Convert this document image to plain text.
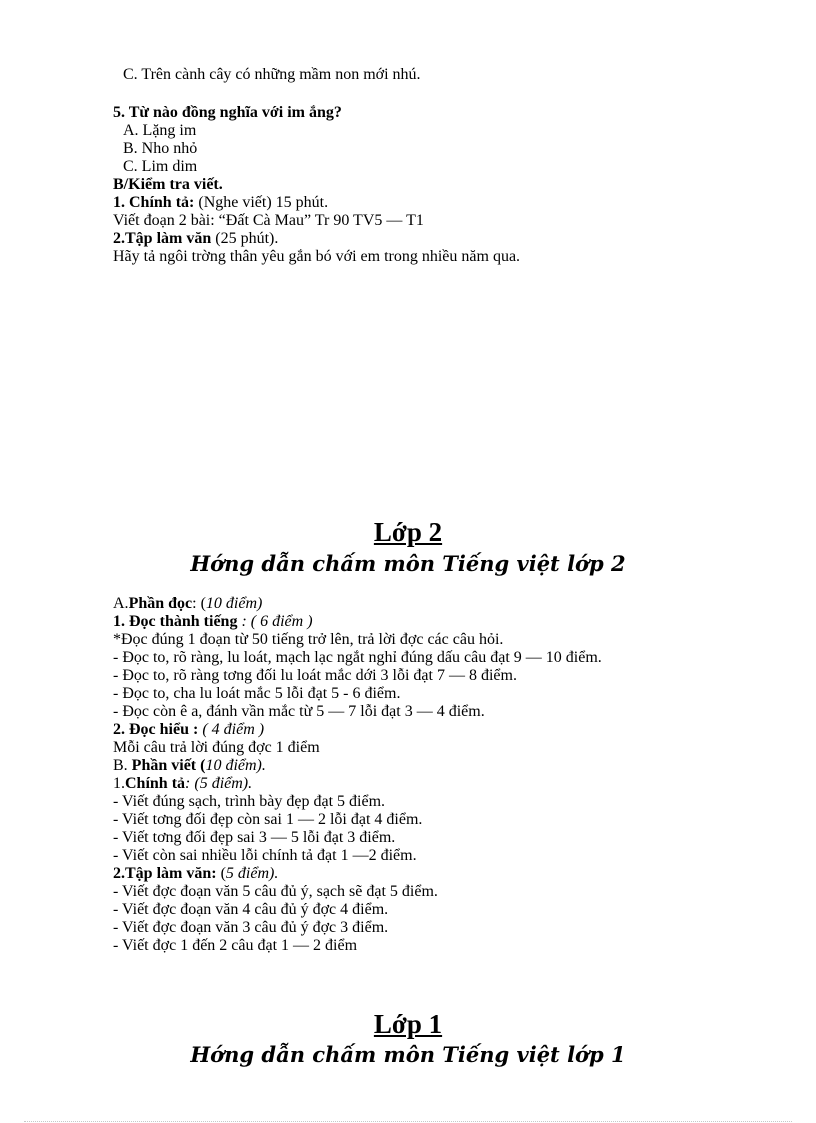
C. Trên cành cây có những mầm non mới nhú.
5. Từ nào đồng nghĩa với im ắng?
A. Lặng im
B. Nho nhỏ
C. Lim dim
B/Kiểm tra viết.
1. Chính tả: (Nghe viết) 15 phút.
Viết đoạn 2 bài: “Đất Cà Mau” Tr 90 TV5 — T1
2.Tập làm văn (25 phút).
Hãy tả ngôi trờng thân yêu gắn bó với em trong nhiều năm qua.
Lớp 2
Hớng dẫn chấm môn Tiếng việt lớp 2
A.Phần đọc: (10 điểm)
1. Đọc thành tiếng : ( 6 điểm )
*Đọc đúng 1 đoạn từ 50 tiếng trở lên, trả lời đợc các câu hỏi.
- Đọc to, rõ ràng, lu loát, mạch lạc ngắt nghỉ đúng dấu câu đạt 9 — 10 điểm.
- Đọc to, rõ ràng tơng đối lu loát mắc dới 3 lỗi đạt 7 — 8 điểm.
- Đọc to, cha lu loát mắc 5 lỗi đạt 5 - 6 điểm.
- Đọc còn ê a, đánh vần mắc từ 5 — 7 lỗi đạt 3 — 4 điểm.
2. Đọc hiểu : ( 4 điểm )
Mỗi câu trả lời đúng đợc 1 điểm
B. Phần viết (10 điểm).
1.Chính tả: (5 điểm).
- Viết đúng sạch, trình bày đẹp đạt 5 điểm.
- Viết tơng đối đẹp còn sai 1 — 2 lỗi đạt 4 điểm.
- Viết tơng đối đẹp sai 3 — 5 lỗi đạt 3 điểm.
- Viết còn sai nhiều lỗi chính tả đạt 1 —2 điểm.
2.Tập làm văn: (5 điểm).
- Viết đợc đoạn văn 5 câu đủ ý, sạch sẽ đạt 5 điểm.
- Viết đợc đoạn văn 4 câu đủ ý đợc 4 điểm.
- Viết đợc đoạn văn 3 câu đủ ý đợc 3 điểm.
- Viết đợc 1 đến 2 câu đạt 1 — 2 điểm
Lớp 1
Hớng dẫn chấm môn Tiếng việt lớp 1
